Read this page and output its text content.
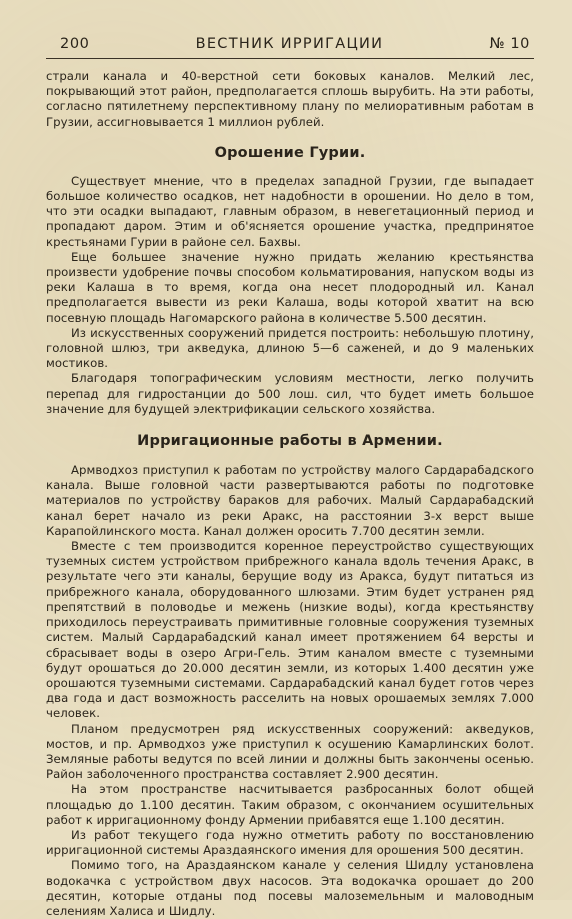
200	ВЕСТНИК ИРРИГАЦИИ	№ 10

страли канала и 40-верстной сети боковых каналов. Мелкий лес, покрывающий этот район, предполагается сплошь вырубить. На эти работы, согласно пятилетнему перспективному плану по мелиоративным работам в Грузии, ассигновывается 1 миллион рублей.

Орошение Гурии.

Существует мнение, что в пределах западной Грузии, где выпадает большое количество осадков, нет надобности в орошении. Но дело в том, что эти осадки выпадают, главным образом, в невегетационный период и пропадают даром. Этим и об'ясняется орошение участка, предпринятое крестьянами Гурии в районе сел. Бахвы.

Еще большее значение нужно придать желанию крестьянства произвести удобрение почвы способом кольматирования, напуском воды из реки Калаша в то время, когда она несет плодородный ил. Канал предполагается вывести из реки Калаша, воды которой хватит на всю посевную площадь Нагомарского района в количестве 5.500 десятин.

Из искусственных сооружений придется построить: небольшую плотину, головной шлюз, три акведука, длиною 5—6 саженей, и до 9 маленьких мостиков.

Благодаря топографическим условиям местности, легко получить перепад для гидростанции до 500 лош. сил, что будет иметь большое значение для будущей электрификации сельского хозяйства.

Ирригационные работы в Армении.

Армводхоз приступил к работам по устройству малого Сардарабадского канала. Выше головной части развертываются работы по подготовке материалов по устройству бараков для рабочих. Малый Сардарабадский канал берет начало из реки Аракс, на расстоянии 3-х верст выше Карапойлинского моста. Канал должен оросить 7.700 десятин земли.

Вместе с тем производится коренное переустройство существующих туземных систем устройством прибрежного канала вдоль течения Аракс, в результате чего эти каналы, берущие воду из Аракса, будут питаться из прибрежного канала, оборудованного шлюзами. Этим будет устранен ряд препятствий в половодье и межень (низкие воды), когда крестьянству приходилось переустраивать примитивные головные сооружения туземных систем. Малый Сардарабадский канал имеет протяжением 64 версты и сбрасывает воды в озеро Агри-Гель. Этим каналом вместе с туземными будут орошаться до 20.000 десятин земли, из которых 1.400 десятин уже орошаются туземными системами. Сардарабадский канал будет готов через два года и даст возможность расселить на новых орошаемых землях 7.000 человек.

Планом предусмотрен ряд искусственных сооружений: акведуков, мостов, и пр. Армводхоз уже приступил к осушению Камарлинских болот. Земляные работы ведутся по всей линии и должны быть закончены осенью. Район заболоченного пространства составляет 2.900 десятин.

На этом пространстве насчитывается разбросанных болот общей площадью до 1.100 десятин. Таким образом, с окончанием осушительных работ к ирригационному фонду Армении прибавятся еще 1.100 десятин.

Из работ текущего года нужно отметить работу по восстановлению ирригационной системы Араздаянского имения для орошения 500 десятин.

Помимо того, на Араздаянском канале у селения Шидлу установлена водокачка с устройством двух насосов. Эта водокачка орошает до 200 десятин, которые отданы под посевы малоземельным и маловодным селениям Халиса и Шидлу.
